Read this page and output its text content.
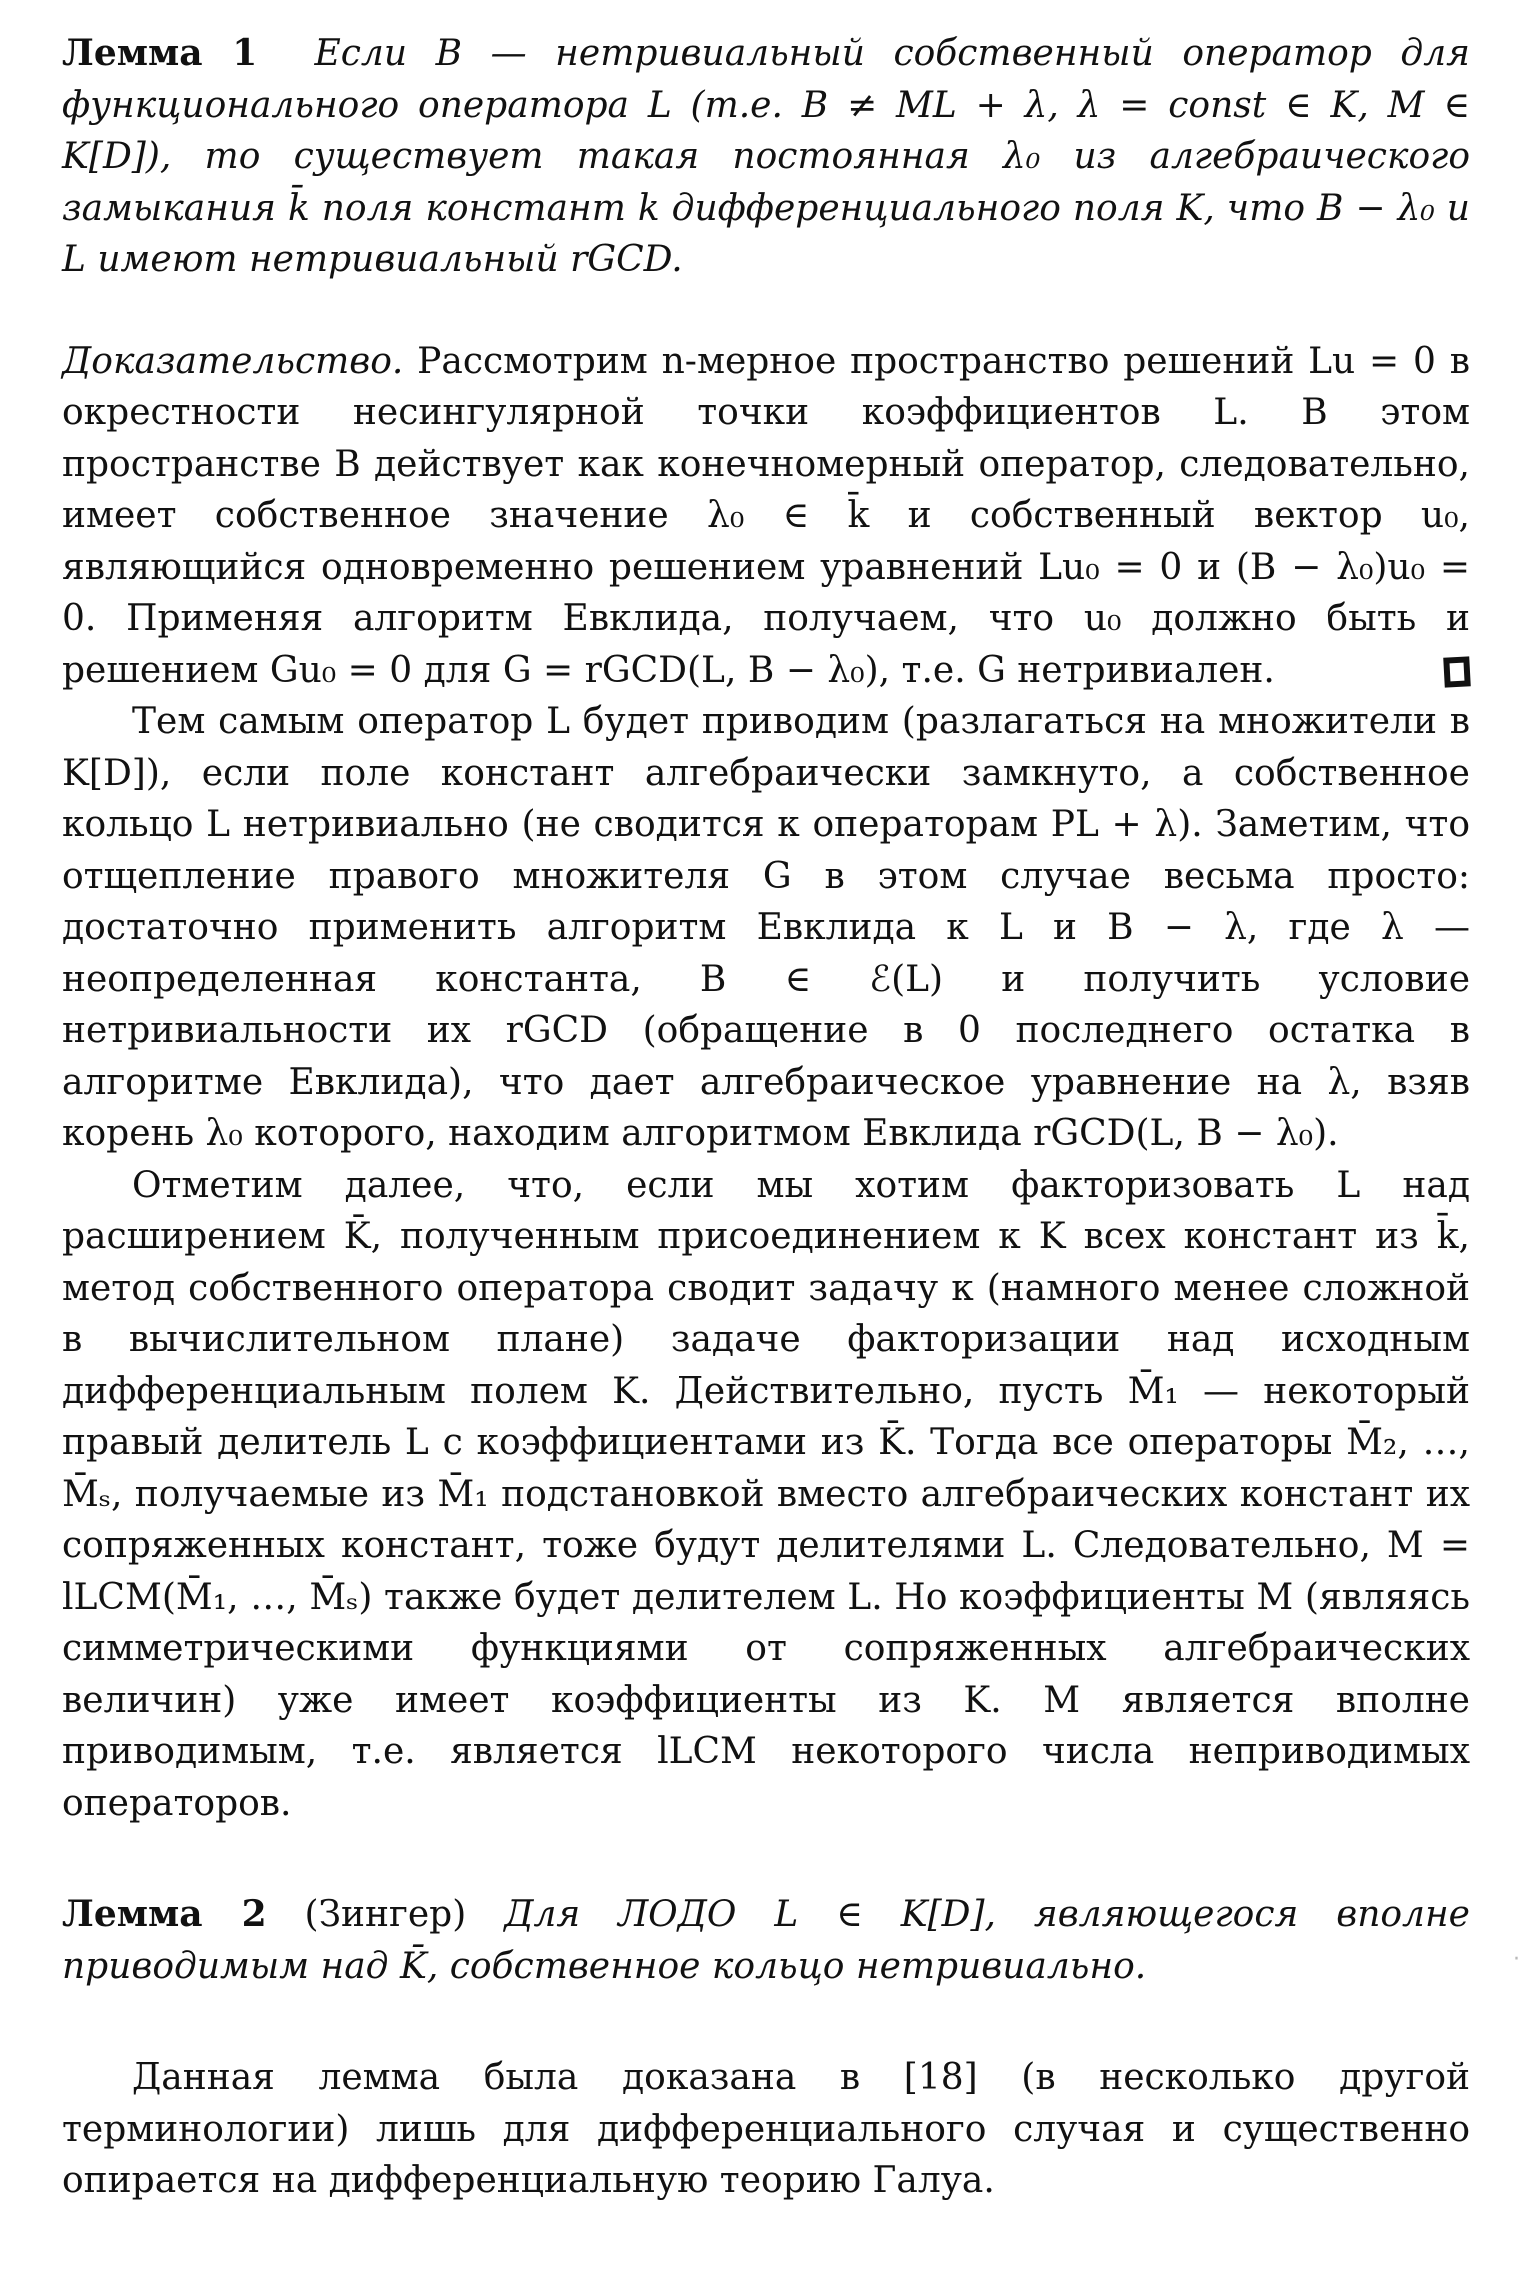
Лемма 1 Если B — нетривиальный собственный оператор для функционального оператора L (т.е. B ≠ ML + λ, λ = const ∈ K, M ∈ K[D]), то существует такая постоянная λ₀ из алгебраического замыкания k̄ поля констант k дифференциального поля K, что B − λ₀ и L имеют нетривиальный rGCD.

Доказательство. Рассмотрим n-мерное пространство решений Lu = 0 в окрестности несингулярной точки коэффициентов L. В этом пространстве B действует как конечномерный оператор, следовательно, имеет собственное значение λ₀ ∈ k̄ и собственный вектор u₀, являющийся одновременно решением уравнений Lu₀ = 0 и (B − λ₀)u₀ = 0. Применяя алгоритм Евклида, получаем, что u₀ должно быть и решением Gu₀ = 0 для G = rGCD(L, B − λ₀), т.е. G нетривиален.

Тем самым оператор L будет приводим (разлагаться на множители в K[D]), если поле констант алгебраически замкнуто, а собственное кольцо L нетривиально (не сводится к операторам PL + λ). Заметим, что отщепление правого множителя G в этом случае весьма просто: достаточно применить алгоритм Евклида к L и B − λ, где λ — неопределенная константа, B ∈ ℰ(L) и получить условие нетривиальности их rGCD (обращение в 0 последнего остатка в алгоритме Евклида), что дает алгебраическое уравнение на λ, взяв корень λ₀ которого, находим алгоритмом Евклида rGCD(L, B − λ₀).

Отметим далее, что, если мы хотим факторизовать L над расширением K̄, полученным присоединением к K всех констант из k̄, метод собственного оператора сводит задачу к (намного менее сложной в вычислительном плане) задаче факторизации над исходным дифференциальным полем K. Действительно, пусть M̄₁ — некоторый правый делитель L с коэффициентами из K̄. Тогда все операторы M̄₂, …, M̄ₛ, получаемые из M̄₁ подстановкой вместо алгебраических констант их сопряженных констант, тоже будут делителями L. Следовательно, M = lLCM(M̄₁, …, M̄ₛ) также будет делителем L. Но коэффициенты M (являясь симметрическими функциями от сопряженных алгебраических величин) уже имеет коэффициенты из K. M является вполне приводимым, т.е. является lLCM некоторого числа неприводимых операторов.

Лемма 2 (Зингер) Для ЛОДО L ∈ K[D], являющегося вполне приводимым над K̄, собственное кольцо нетривиально.

Данная лемма была доказана в [18] (в несколько другой терминологии) лишь для дифференциального случая и существенно опирается на дифференциальную теорию Галуа.

·
